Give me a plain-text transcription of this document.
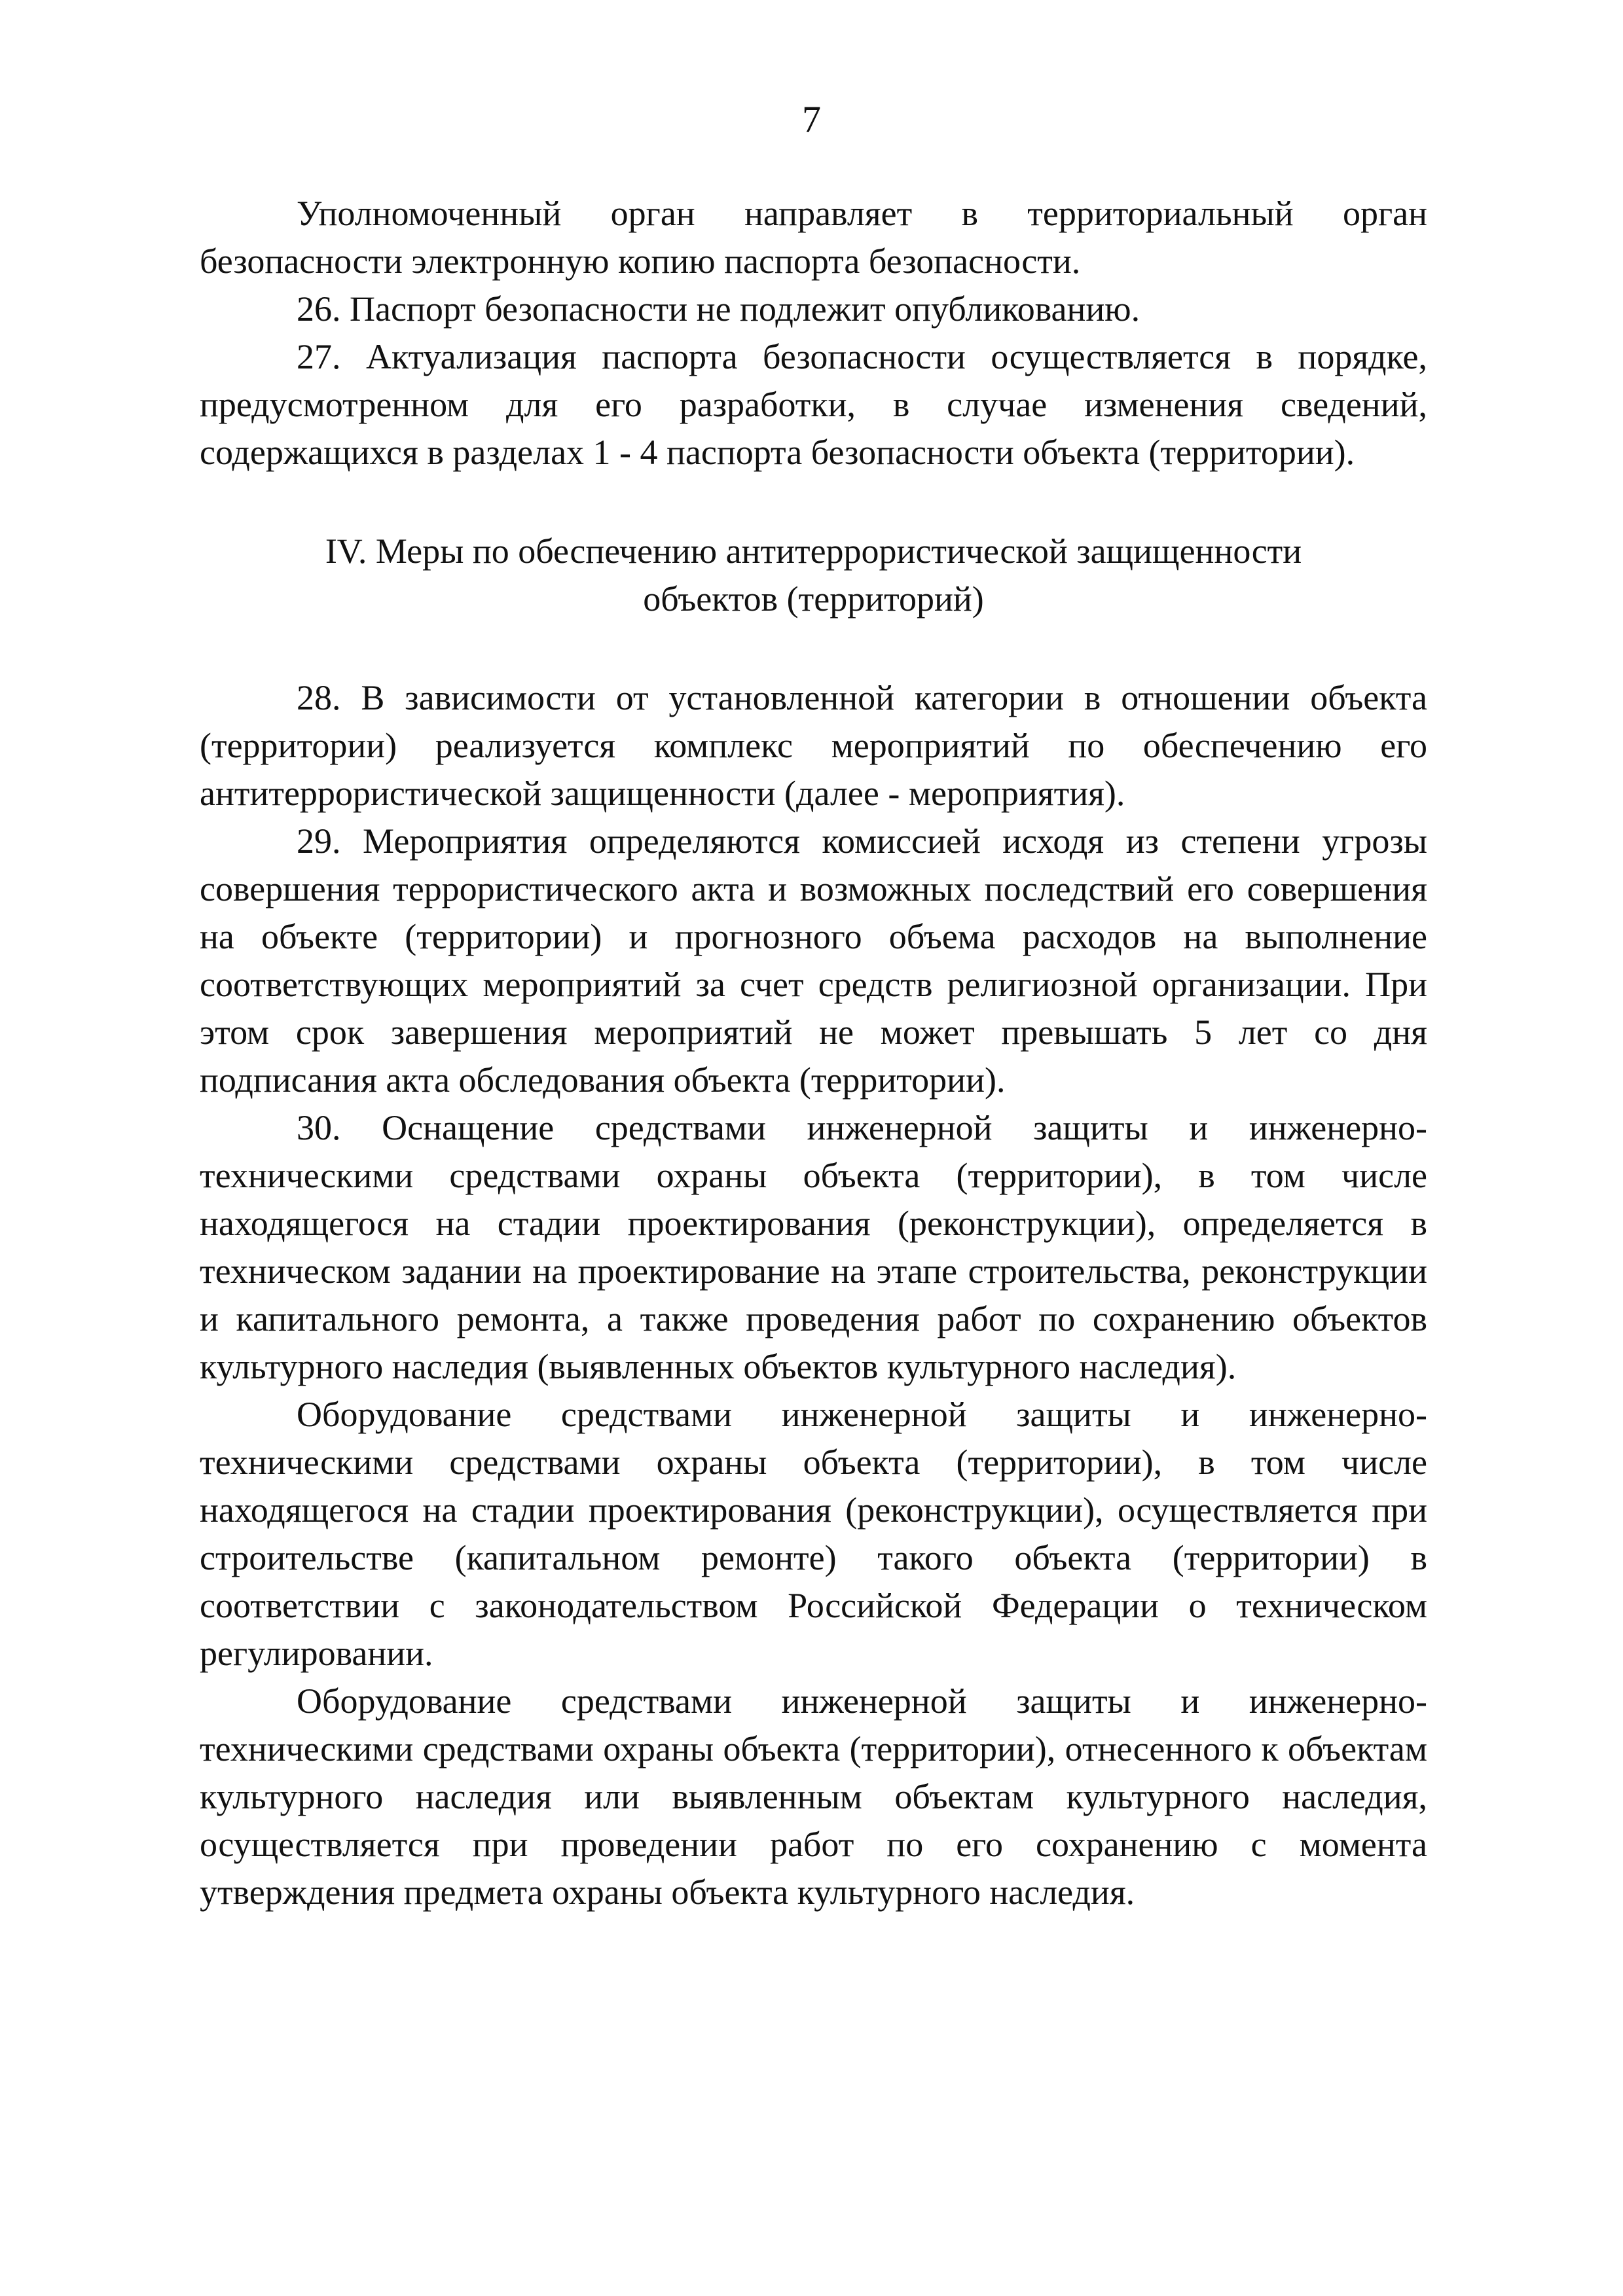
7

Уполномоченный орган направляет в территориальный орган безопасности электронную копию паспорта безопасности.

26. Паспорт безопасности не подлежит опубликованию.

27. Актуализация паспорта безопасности осуществляется в порядке, предусмотренном для его разработки, в случае изменения сведений, содержащихся в разделах 1 - 4 паспорта безопасности объекта (территории).

IV. Меры по обеспечению антитеррористической защищенности
объектов (территорий)

28. В зависимости от установленной категории в отношении объекта (территории) реализуется комплекс мероприятий по обеспечению его антитеррористической защищенности (далее - мероприятия).

29. Мероприятия определяются комиссией исходя из степени угрозы совершения террористического акта и возможных последствий его совершения на объекте (территории) и прогнозного объема расходов на выполнение соответствующих мероприятий за счет средств религиозной организации. При этом срок завершения мероприятий не может превышать 5 лет со дня подписания акта обследования объекта (территории).

30. Оснащение средствами инженерной защиты и инженерно-техническими средствами охраны объекта (территории), в том числе находящегося на стадии проектирования (реконструкции), определяется в техническом задании на проектирование на этапе строительства, реконструкции и капитального ремонта, а также проведения работ по сохранению объектов культурного наследия (выявленных объектов культурного наследия).

Оборудование средствами инженерной защиты и инженерно-техническими средствами охраны объекта (территории), в том числе находящегося на стадии проектирования (реконструкции), осуществляется при строительстве (капитальном ремонте) такого объекта (территории) в соответствии с законодательством Российской Федерации о техническом регулировании.

Оборудование средствами инженерной защиты и инженерно-техническими средствами охраны объекта (территории), отнесенного к объектам культурного наследия или выявленным объектам культурного наследия, осуществляется при проведении работ по его сохранению с момента утверждения предмета охраны объекта культурного наследия.
